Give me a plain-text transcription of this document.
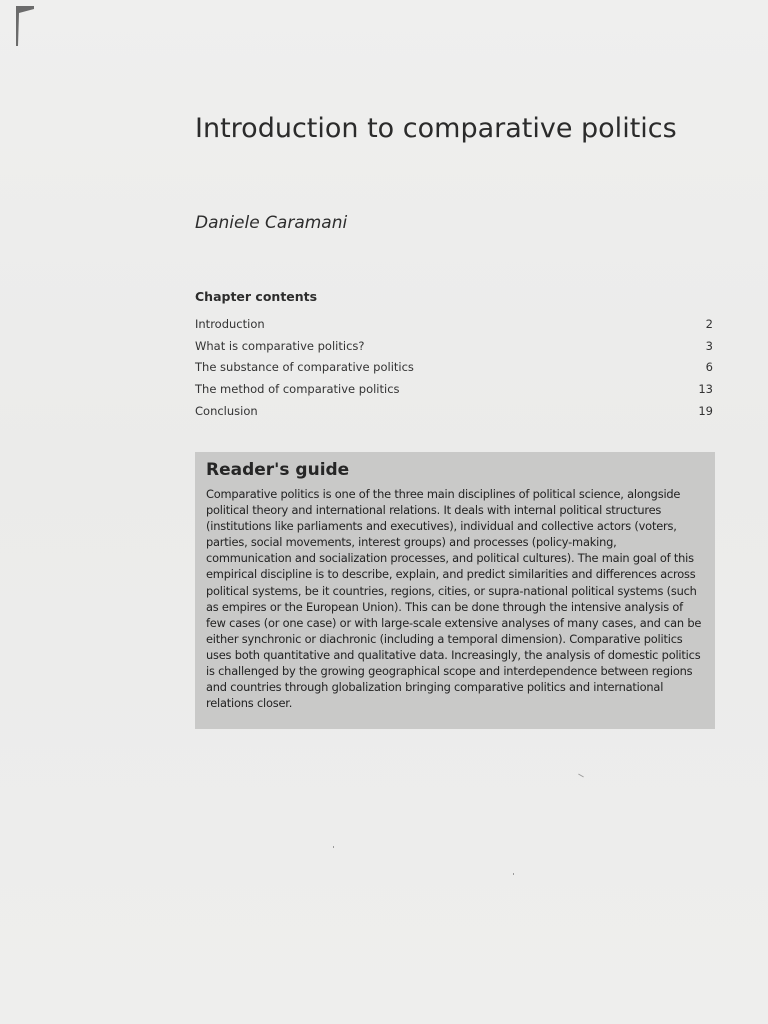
Introduction to comparative politics

Daniele Caramani

Chapter contents
Introduction	2
What is comparative politics?	3
The substance of comparative politics	6
The method of comparative politics	13
Conclusion	19
Reader's guide

Comparative politics is one of the three main disciplines of political science, alongside political theory and international relations. It deals with internal political structures (institutions like parliaments and executives), individual and collective actors (voters, parties, social movements, interest groups) and processes (policy-making, communication and socialization processes, and political cultures). The main goal of this empirical discipline is to describe, explain, and predict similarities and differences across political systems, be it countries, regions, cities, or supra-national political systems (such as empires or the European Union). This can be done through the intensive analysis of few cases (or one case) or with large-scale extensive analyses of many cases, and can be either synchronic or diachronic (including a temporal dimension). Comparative politics uses both quantitative and qualitative data. Increasingly, the analysis of domestic politics is challenged by the growing geographical scope and interdependence between regions and countries through globalization bringing comparative politics and international relations closer.
